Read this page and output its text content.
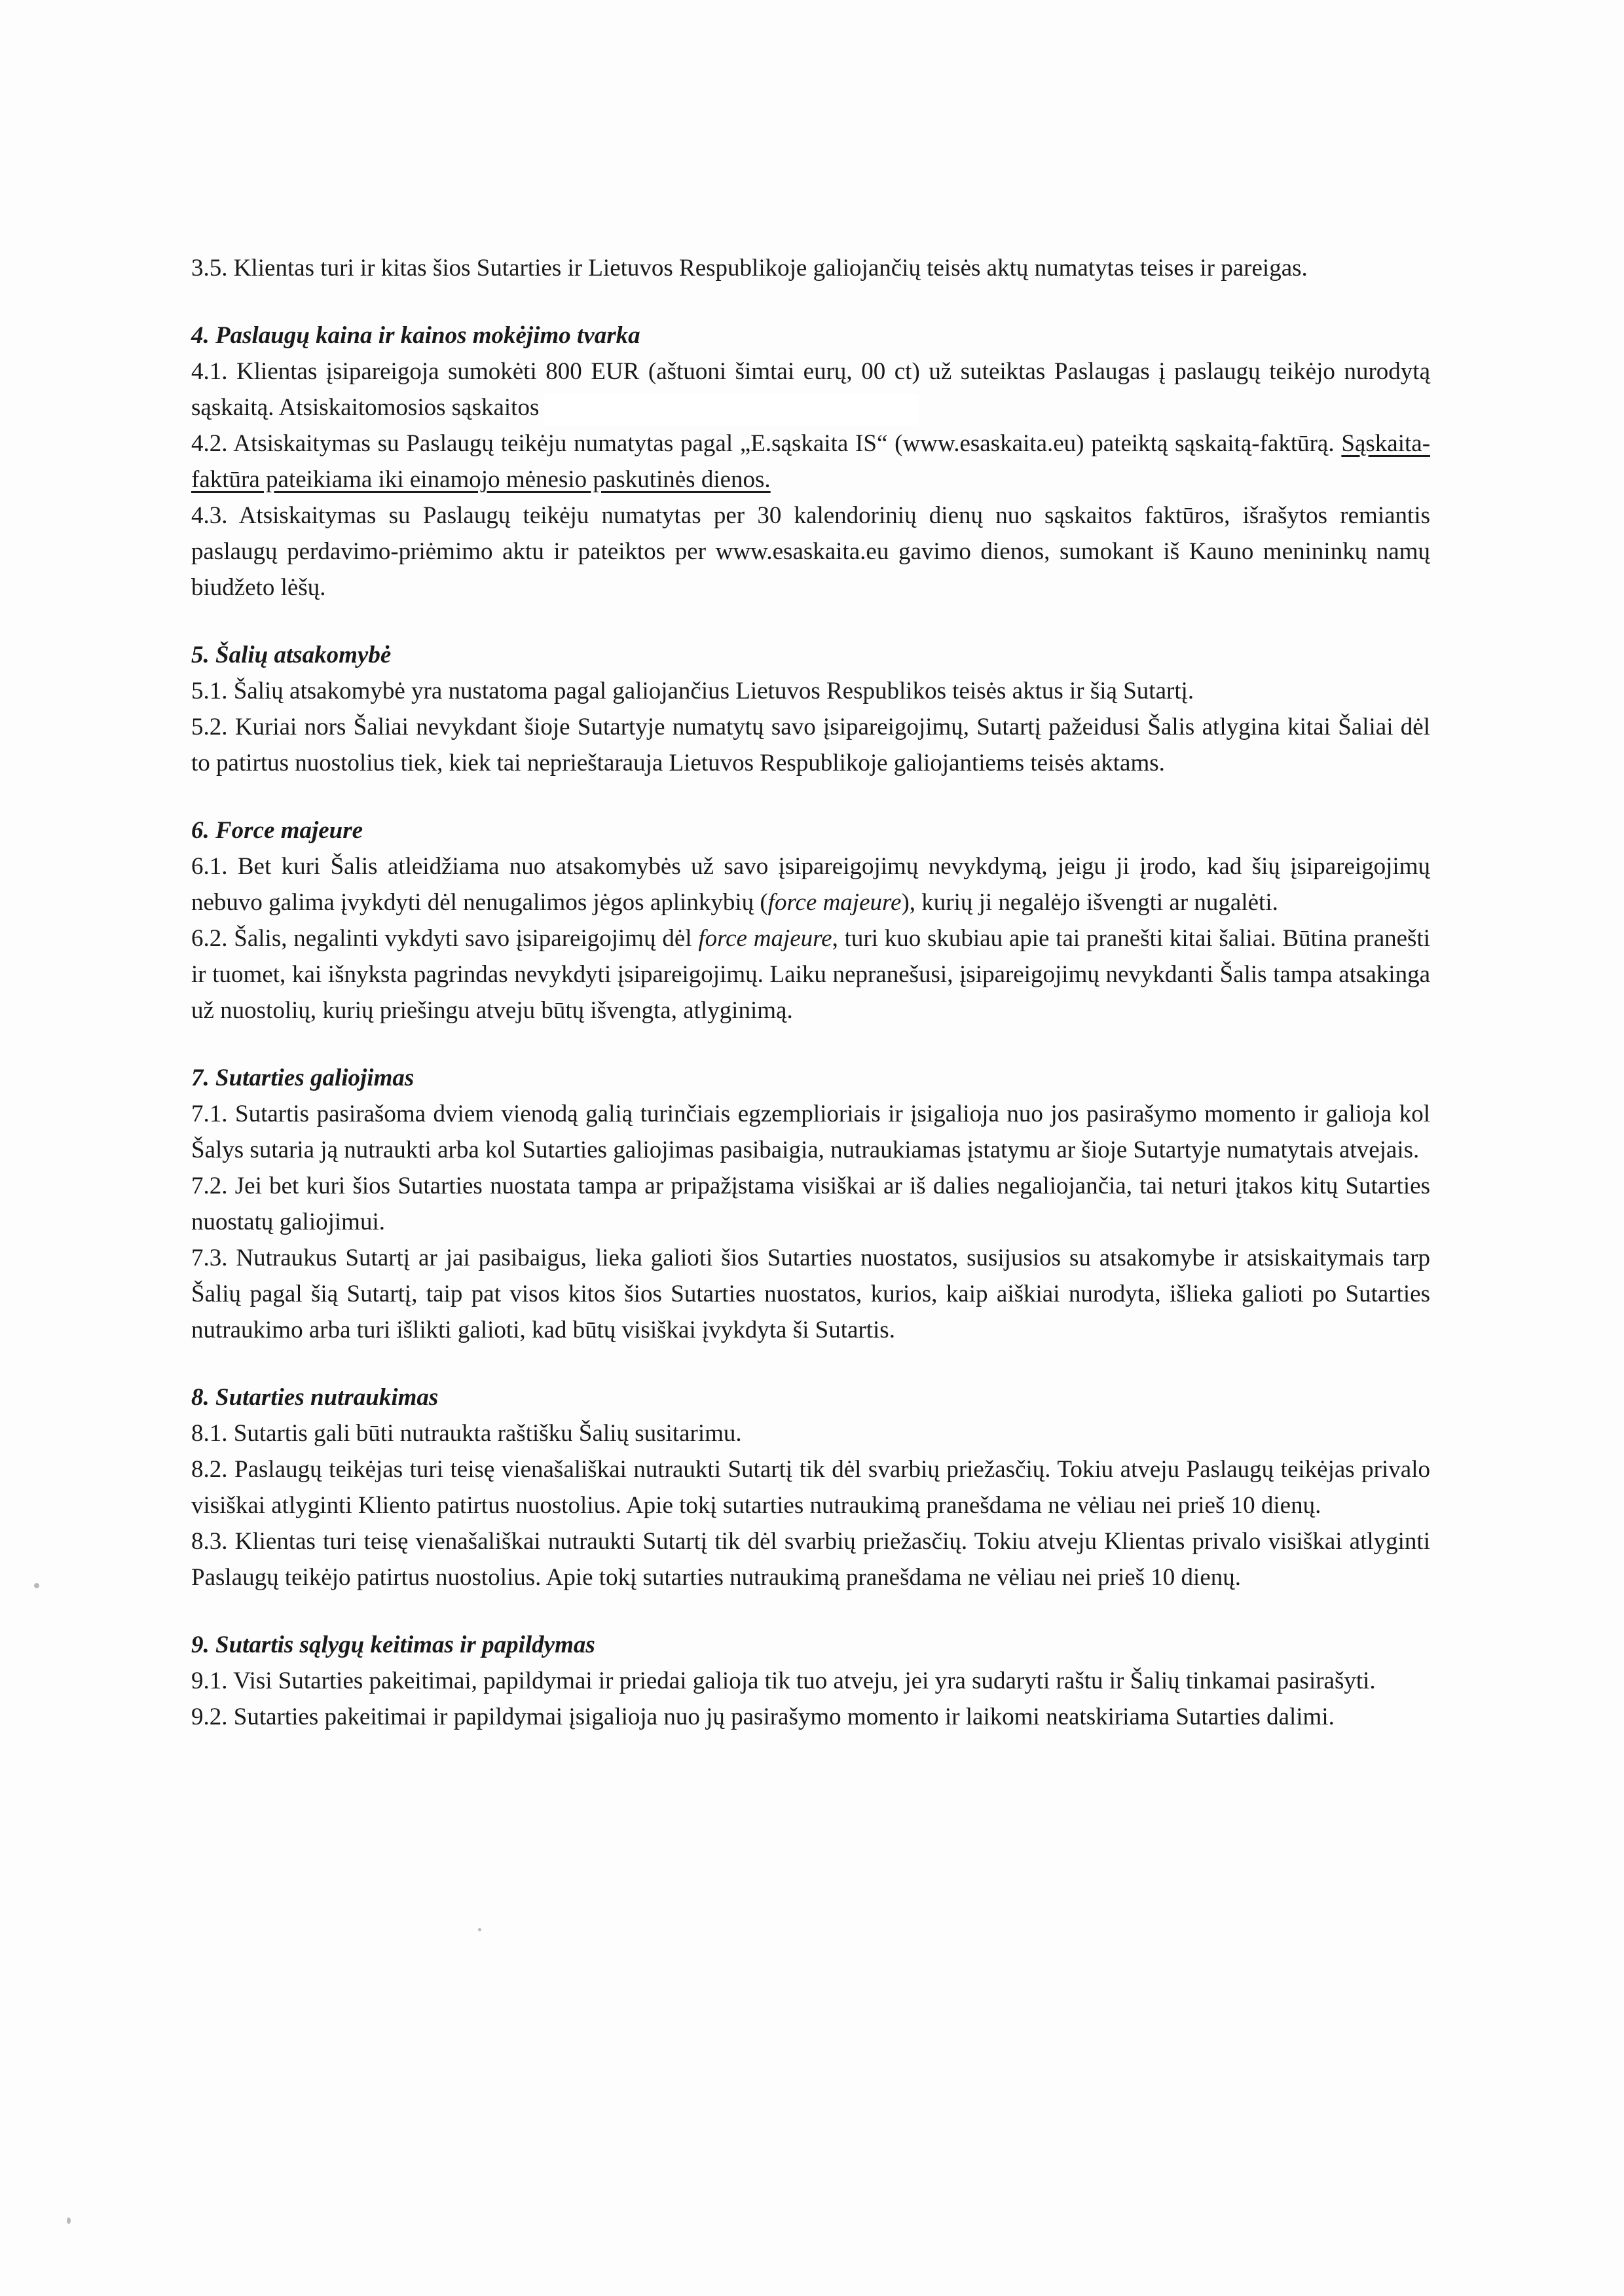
3.5. Klientas turi ir kitas šios Sutarties ir Lietuvos Respublikoje galiojančių teisės aktų numatytas teises ir pareigas.

4. Paslaugų kaina ir kainos mokėjimo tvarka

4.1. Klientas įsipareigoja sumokėti 800 EUR (aštuoni šimtai eurų, 00 ct) už suteiktas Paslaugas į paslaugų teikėjo nurodytą sąskaitą. Atsiskaitomosios sąskaitos

4.2. Atsiskaitymas su Paslaugų teikėju numatytas pagal „E.sąskaita IS“ (www.esaskaita.eu) pateiktą sąskaitą-faktūrą. Sąskaita-faktūra pateikiama iki einamojo mėnesio paskutinės dienos.

4.3. Atsiskaitymas su Paslaugų teikėju numatytas per 30 kalendorinių dienų nuo sąskaitos faktūros, išrašytos remiantis paslaugų perdavimo-priėmimo aktu ir pateiktos per www.esaskaita.eu gavimo dienos, sumokant iš Kauno menininkų namų biudžeto lėšų.

5. Šalių atsakomybė

5.1. Šalių atsakomybė yra nustatoma pagal galiojančius Lietuvos Respublikos teisės aktus ir šią Sutartį.

5.2. Kuriai nors Šaliai nevykdant šioje Sutartyje numatytų savo įsipareigojimų, Sutartį pažeidusi Šalis atlygina kitai Šaliai dėl to patirtus nuostolius tiek, kiek tai neprieštarauja Lietuvos Respublikoje galiojantiems teisės aktams.

6. Force majeure

6.1. Bet kuri Šalis atleidžiama nuo atsakomybės už savo įsipareigojimų nevykdymą, jeigu ji įrodo, kad šių įsipareigojimų nebuvo galima įvykdyti dėl nenugalimos jėgos aplinkybių (force majeure), kurių ji negalėjo išvengti ar nugalėti.

6.2. Šalis, negalinti vykdyti savo įsipareigojimų dėl force majeure, turi kuo skubiau apie tai pranešti kitai šaliai. Būtina pranešti ir tuomet, kai išnyksta pagrindas nevykdyti įsipareigojimų. Laiku nepranešusi, įsipareigojimų nevykdanti Šalis tampa atsakinga už nuostolių, kurių priešingu atveju būtų išvengta, atlyginimą.

7. Sutarties galiojimas

7.1. Sutartis pasirašoma dviem vienodą galią turinčiais egzemplioriais ir įsigalioja nuo jos pasirašymo momento ir galioja kol Šalys sutaria ją nutraukti arba kol Sutarties galiojimas pasibaigia, nutraukiamas įstatymu ar šioje Sutartyje numatytais atvejais.

7.2. Jei bet kuri šios Sutarties nuostata tampa ar pripažįstama visiškai ar iš dalies negaliojančia, tai neturi įtakos kitų Sutarties nuostatų galiojimui.

7.3. Nutraukus Sutartį ar jai pasibaigus, lieka galioti šios Sutarties nuostatos, susijusios su atsakomybe ir atsiskaitymais tarp Šalių pagal šią Sutartį, taip pat visos kitos šios Sutarties nuostatos, kurios, kaip aiškiai nurodyta, išlieka galioti po Sutarties nutraukimo arba turi išlikti galioti, kad būtų visiškai įvykdyta ši Sutartis.

8. Sutarties nutraukimas

8.1. Sutartis gali būti nutraukta raštišku Šalių susitarimu.

8.2. Paslaugų teikėjas turi teisę vienašališkai nutraukti Sutartį tik dėl svarbių priežasčių. Tokiu atveju Paslaugų teikėjas privalo visiškai atlyginti Kliento patirtus nuostolius. Apie tokį sutarties nutraukimą pranešdama ne vėliau nei prieš 10 dienų.

8.3. Klientas turi teisę vienašališkai nutraukti Sutartį tik dėl svarbių priežasčių. Tokiu atveju Klientas privalo visiškai atlyginti Paslaugų teikėjo patirtus nuostolius. Apie tokį sutarties nutraukimą pranešdama ne vėliau nei prieš 10 dienų.

9. Sutartis sąlygų keitimas ir papildymas

9.1. Visi Sutarties pakeitimai, papildymai ir priedai galioja tik tuo atveju, jei yra sudaryti raštu ir Šalių tinkamai pasirašyti.

9.2. Sutarties pakeitimai ir papildymai įsigalioja nuo jų pasirašymo momento ir laikomi neatskiriama Sutarties dalimi.
